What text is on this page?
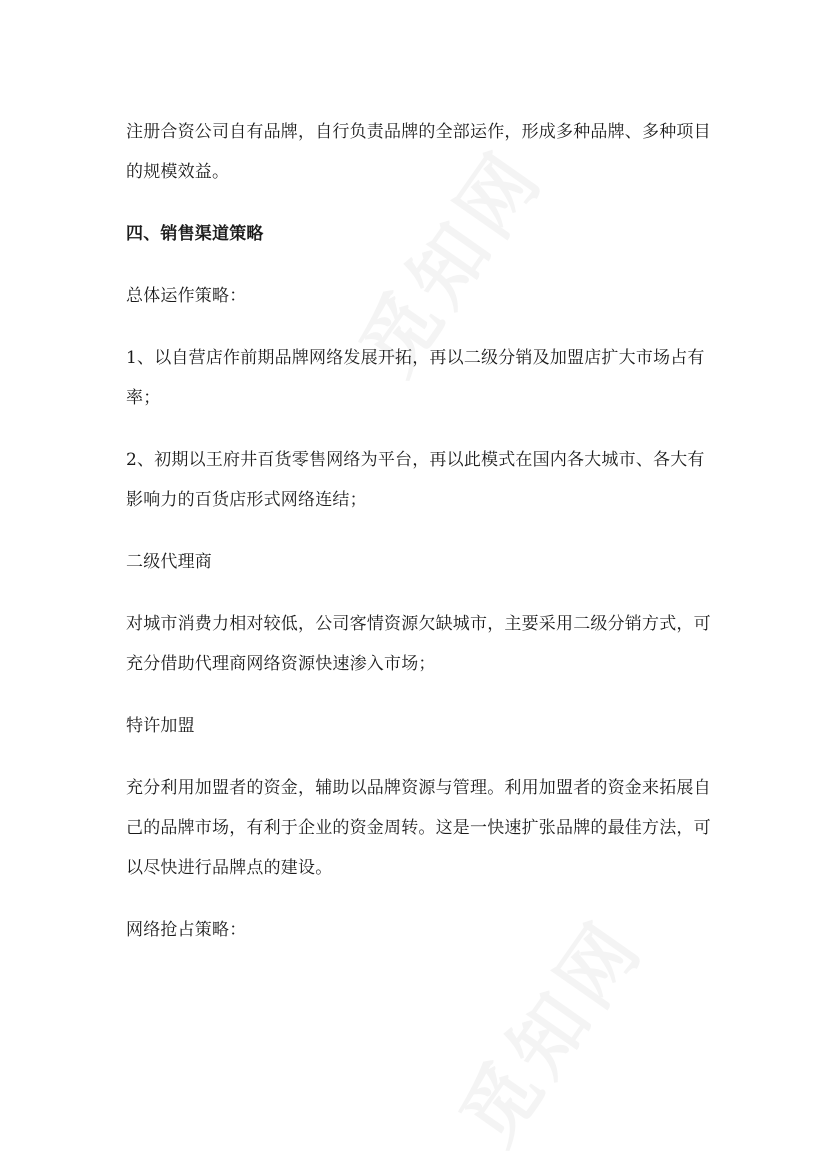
注册合资公司自有品牌，自行负责品牌的全部运作，形成多种品牌、多种项目的规模效益。

四、销售渠道策略

总体运作策略：

1、以自营店作前期品牌网络发展开拓，再以二级分销及加盟店扩大市场占有率；

2、初期以王府井百货零售网络为平台，再以此模式在国内各大城市、各大有影响力的百货店形式网络连结；

二级代理商

对城市消费力相对较低，公司客情资源欠缺城市，主要采用二级分销方式，可充分借助代理商网络资源快速渗入市场；

特许加盟

充分利用加盟者的资金，辅助以品牌资源与管理。利用加盟者的资金来拓展自己的品牌市场，有利于企业的资金周转。这是一快速扩张品牌的最佳方法，可以尽快进行品牌点的建设。

网络抢占策略：
